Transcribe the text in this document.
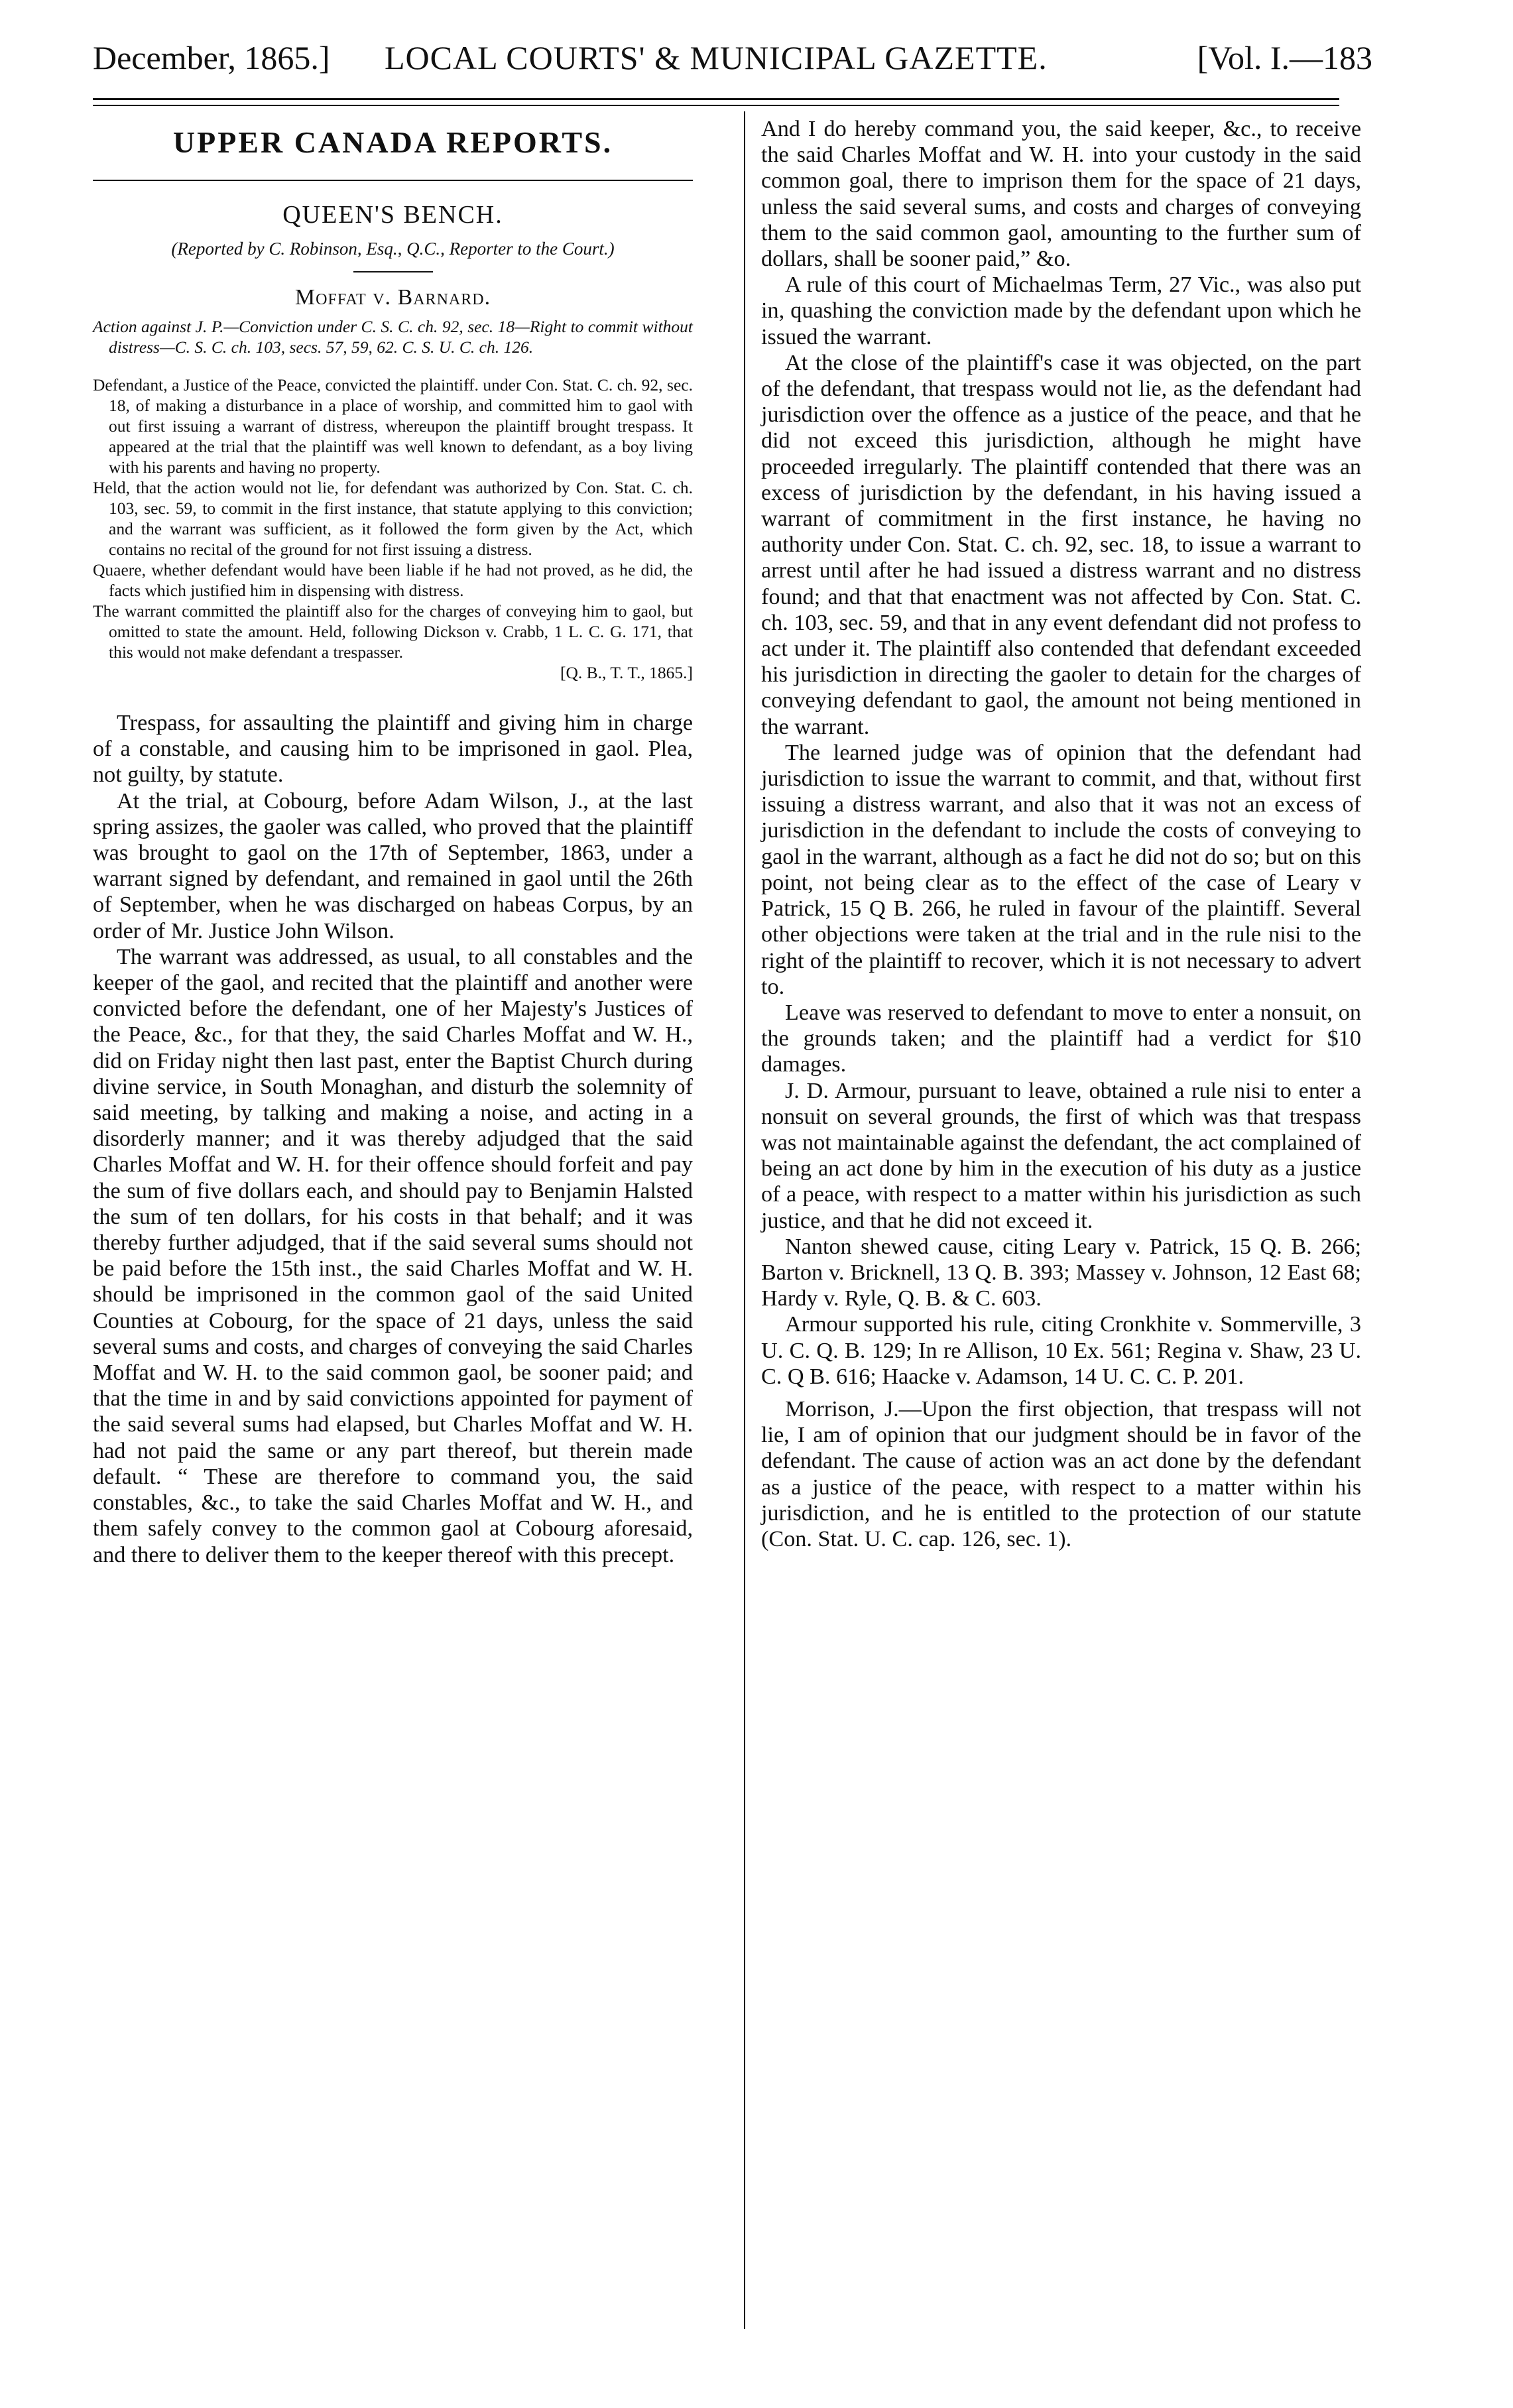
December, 1865.] LOCAL COURTS' & MUNICIPAL GAZETTE.	[Vol. I.—183
UPPER CANADA REPORTS.
QUEEN'S BENCH.
(Reported by C. Robinson, Esq., Q.C., Reporter to the Court.)
Moffat v. Barnard.

Action against J. P.—Conviction under C. S. C. ch. 92, sec. 18—Right to commit without distress—C. S. C. ch. 103, secs. 57, 59, 62. C. S. U. C. ch. 126.

Defendant, a Justice of the Peace, convicted the plaintiff. under Con. Stat. C. ch. 92, sec. 18, of making a disturbance in a place of worship, and committed him to gaol with out first issuing a warrant of distress, whereupon the plaintiff brought trespass. It appeared at the trial that the plaintiff was well known to defendant, as a boy living with his parents and having no property.

Held, that the action would not lie, for defendant was authorized by Con. Stat. C. ch. 103, sec. 59, to commit in the first instance, that statute applying to this conviction; and the warrant was sufficient, as it followed the form given by the Act, which contains no recital of the ground for not first issuing a distress.

Quaere, whether defendant would have been liable if he had not proved, as he did, the facts which justified him in dispensing with distress.

The warrant committed the plaintiff also for the charges of conveying him to gaol, but omitted to state the amount. Held, following Dickson v. Crabb, 1 L. C. G. 171, that this would not make defendant a trespasser.

[Q. B., T. T., 1865.]

Trespass, for assaulting the plaintiff and giving him in charge of a constable, and causing him to be imprisoned in gaol. Plea, not guilty, by statute.

At the trial, at Cobourg, before Adam Wilson, J., at the last spring assizes, the gaoler was called, who proved that the plaintiff was brought to gaol on the 17th of September, 1863, under a warrant signed by defendant, and remained in gaol until the 26th of September, when he was discharged on habeas Corpus, by an order of Mr. Justice John Wilson.

The warrant was addressed, as usual, to all constables and the keeper of the gaol, and recited that the plaintiff and another were convicted before the defendant, one of her Majesty's Justices of the Peace, &c., for that they, the said Charles Moffat and W. H., did on Friday night then last past, enter the Baptist Church during divine service, in South Monaghan, and disturb the solemnity of said meeting, by talking and making a noise, and acting in a disorderly manner; and it was thereby adjudged that the said Charles Moffat and W. H. for their offence should forfeit and pay the sum of five dollars each, and should pay to Benjamin Halsted the sum of ten dollars, for his costs in that behalf; and it was thereby further adjudged, that if the said several sums should not be paid before the 15th inst., the said Charles Moffat and W. H. should be imprisoned in the common gaol of the said United Counties at Cobourg, for the space of 21 days, unless the said several sums and costs, and charges of conveying the said Charles Moffat and W. H. to the said common gaol, be sooner paid; and that the time in and by said convictions appointed for payment of the said several sums had elapsed, but Charles Moffat and W. H. had not paid the same or any part thereof, but therein made default. “ These are therefore to command you, the said constables, &c., to take the said Charles Moffat and W. H., and them safely convey to the common gaol at Cobourg aforesaid, and there to deliver them to the keeper thereof with this precept.

And I do hereby command you, the said keeper, &c., to receive the said Charles Moffat and W. H. into your custody in the said common goal, there to imprison them for the space of 21 days, unless the said several sums, and costs and charges of conveying them to the said common gaol, amounting to the further sum of dollars, shall be sooner paid,” &o.

A rule of this court of Michaelmas Term, 27 Vic., was also put in, quashing the conviction made by the defendant upon which he issued the warrant.

At the close of the plaintiff's case it was objected, on the part of the defendant, that trespass would not lie, as the defendant had jurisdiction over the offence as a justice of the peace, and that he did not exceed this jurisdiction, although he might have proceeded irregularly. The plaintiff contended that there was an excess of jurisdiction by the defendant, in his having issued a warrant of commitment in the first instance, he having no authority under Con. Stat. C. ch. 92, sec. 18, to issue a warrant to arrest until after he had issued a distress warrant and no distress found; and that that enactment was not affected by Con. Stat. C. ch. 103, sec. 59, and that in any event defendant did not profess to act under it. The plaintiff also contended that defendant exceeded his jurisdiction in directing the gaoler to detain for the charges of conveying defendant to gaol, the amount not being mentioned in the warrant.

The learned judge was of opinion that the defendant had jurisdiction to issue the warrant to commit, and that, without first issuing a distress warrant, and also that it was not an excess of jurisdiction in the defendant to include the costs of conveying to gaol in the warrant, although as a fact he did not do so; but on this point, not being clear as to the effect of the case of Leary v Patrick, 15 Q B. 266, he ruled in favour of the plaintiff. Several other objections were taken at the trial and in the rule nisi to the right of the plaintiff to recover, which it is not necessary to advert to.

Leave was reserved to defendant to move to enter a nonsuit, on the grounds taken; and the plaintiff had a verdict for $10 damages.

J. D. Armour, pursuant to leave, obtained a rule nisi to enter a nonsuit on several grounds, the first of which was that trespass was not maintainable against the defendant, the act complained of being an act done by him in the execution of his duty as a justice of a peace, with respect to a matter within his jurisdiction as such justice, and that he did not exceed it.

Nanton shewed cause, citing Leary v. Patrick, 15 Q. B. 266; Barton v. Bricknell, 13 Q. B. 393; Massey v. Johnson, 12 East 68; Hardy v. Ryle, Q. B. & C. 603.

Armour supported his rule, citing Cronkhite v. Sommerville, 3 U. C. Q. B. 129; In re Allison, 10 Ex. 561; Regina v. Shaw, 23 U. C. Q B. 616; Haacke v. Adamson, 14 U. C. C. P. 201.

Morrison, J.—Upon the first objection, that trespass will not lie, I am of opinion that our judgment should be in favor of the defendant. The cause of action was an act done by the defendant as a justice of the peace, with respect to a matter within his jurisdiction, and he is entitled to the protection of our statute (Con. Stat. U. C. cap. 126, sec. 1).
